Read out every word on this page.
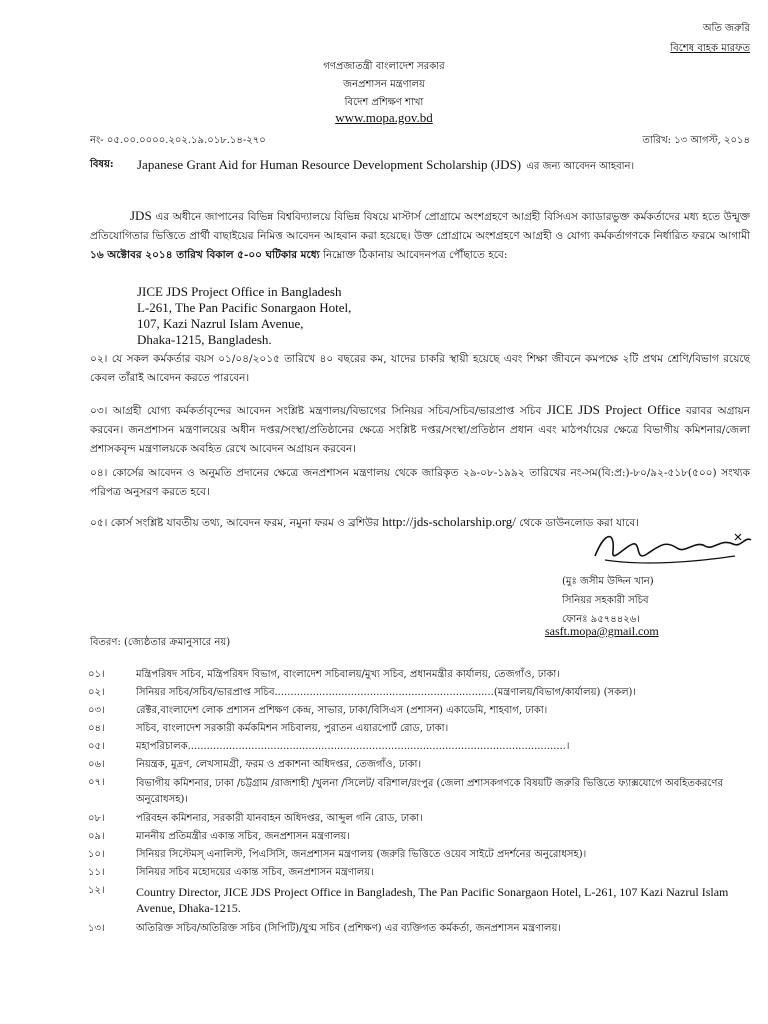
অতি জরুরি
বিশেষ বাহক মারফত
গণপ্রজাতন্ত্রী বাংলাদেশ সরকার
জনপ্রশাসন মন্ত্রণালয়
বিদেশ প্রশিক্ষণ শাখা
www.mopa.gov.bd
নং- ০৫.০০.০০০০.২০২.১৯.০১৮.১৪-২৭০	তারিখ: ১৩ আগস্ট, ২০১৪
বিষয়: Japanese Grant Aid for Human Resource Development Scholarship (JDS) এর জন্য আবেদন আহবান।
JDS এর অধীনে জাপানের বিভিন্ন বিশ্ববিদ্যালয়ে বিভিন্ন বিষয়ে মাস্টার্স প্রোগ্রামে অংশগ্রহণে আগ্রহী বিসিএস ক্যাডারভুক্ত কর্মকর্তাদের মধ্য হতে উন্মুক্ত প্রতিযোগিতার ভিত্তিতে প্রার্থী বাছাইয়ের নিমিত্ত আবেদন আহবান করা হয়েছে। উক্ত প্রোগ্রামে অংশগ্রহণে আগ্রহী ও যোগ্য কর্মকর্তাগণকে নির্ধারিত ফরমে আগামী ১৬ অক্টোবর ২০১৪ তারিখ বিকাল ৫-০০ ঘটিকার মধ্যে নিম্নোক্ত ঠিকানায় আবেদনপত্র পৌঁছাতে হবে:
JICE JDS Project Office in Bangladesh
L-261, The Pan Pacific Sonargaon Hotel,
107, Kazi Nazrul Islam Avenue,
Dhaka-1215, Bangladesh.
০২। যে সকল কর্মকর্তার বয়স ০১/০৪/২০১৫ তারিখে ৪০ বছরের কম, যাদের চাকরি স্থায়ী হয়েছে এবং শিক্ষা জীবনে কমপক্ষে ২টি প্রথম শ্রেণি/বিভাগ রয়েছে কেবল তাঁরাই আবেদন করতে পারবেন।
০৩। আগ্রহী যোগ্য কর্মকর্তাবৃন্দের আবেদন সংশ্লিষ্ট মন্ত্রণালয়/বিভাগের সিনিয়র সচিব/সচিব/ভারপ্রাপ্ত সচিব JICE JDS Project Office বরাবর অগ্রায়ন করবেন। জনপ্রশাসন মন্ত্রণালয়ের অধীন দপ্তর/সংস্থা/প্রতিষ্ঠানের ক্ষেত্রে সংশ্লিষ্ট দপ্তর/সংস্থা/প্রতিষ্ঠান প্রধান এবং মাঠপর্যায়ের ক্ষেত্রে বিভাগীয় কমিশনার/জেলা প্রশাসকবৃন্দ মন্ত্রণালয়কে অবহিত রেখে আবেদন অগ্রায়ন করবেন।
০৪। কোর্সের আবেদন ও অনুমতি প্রদানের ক্ষেত্রে জনপ্রশাসন মন্ত্রণালয় থেকে জারিকৃত ২৯-০৮-১৯৯২ তারিখের নং-সম(বি:প্র:)-৮০/৯২-৫১৮(৫০০) সংখ্যক পরিপত্র অনুসরণ করতে হবে।
০৫। কোর্স সংশ্লিষ্ট যাবতীয় তথ্য, আবেদন ফরম, নমুনা ফরম ও ব্রশিউর http://jds-scholarship.org/ থেকে ডাউনলোড করা যাবে।
(মুঃ জসীম উদ্দিন খান)
সিনিয়র সহকারী সচিব
ফোনঃ ৯৫৭৪৪২৬।
sasft.mopa@gmail.com
বিতরণ: (জ্যেষ্ঠতার ক্রমানুসারে নয়)
০১।	মন্ত্রিপরিষদ সচিব, মন্ত্রিপরিষদ বিভাগ, বাংলাদেশ সচিবালয়/মুখ্য সচিব, প্রধানমন্ত্রীর কার্যালয়, তেজগাঁও, ঢাকা।
০২।	সিনিয়র সচিব/সচিব/ভারপ্রাপ্ত সচিব.....................................................................(মন্ত্রণালয়/বিভাগ/কার্যালয়) (সকল)।
০৩।	রেক্টর,বাংলাদেশ লোক প্রশাসন প্রশিক্ষণ কেন্দ্র, সাভার, ঢাকা/বিসিএস (প্রশাসন) একাডেমি, শাহবাগ, ঢাকা।
০৪।	সচিব, বাংলাদেশ সরকারী কর্মকমিশন সচিবালয়, পুরাতন এয়ারপোর্ট রোড, ঢাকা।
০৫।	মহাপরিচালক.......................................................................................................................।
০৬।	নিয়ন্ত্রক, মুদ্রণ, লেখসামগ্রী, ফরম ও প্রকাশনা অধিদপ্তর, তেজগাঁও, ঢাকা।
০৭।	বিভাগীয় কমিশনার, ঢাকা /চট্টগ্রাম /রাজশাহী /খুলনা /সিলেট/ বরিশাল/রংপুর (জেলা প্রশাসকগণকে বিষয়টি জরুরি ভিত্তিতে ফ্যাক্সযোগে অবহিতকরণের অনুরোধসহ)।
০৮।	পরিবহন কমিশনার, সরকারী যানবাহন অধিদপ্তর, আব্দুল গনি রোড, ঢাকা।
০৯।	মাননীয় প্রতিমন্ত্রীর একান্ত সচিব, জনপ্রশাসন মন্ত্রণালয়।
১০।	সিনিয়র সিস্টেমস্ এনালিস্ট, পিএসিসি, জনপ্রশাসন মন্ত্রণালয় (জরুরি ভিত্তিতে ওয়েব সাইটে প্রদর্শনের অনুরোধসহ)।
১১।	সিনিয়র সচিব মহোদয়ের একান্ত সচিব, জনপ্রশাসন মন্ত্রণালয়।
১২।	Country Director, JICE JDS Project Office in Bangladesh, The Pan Pacific Sonargaon Hotel, L-261, 107 Kazi Nazrul Islam Avenue, Dhaka-1215.
১৩।	অতিরিক্ত সচিব/অতিরিক্ত সচিব (সিপিটি)/যুগ্ম সচিব (প্রশিক্ষণ) এর ব্যক্তিগত কর্মকর্তা, জনপ্রশাসন মন্ত্রণালয়।
